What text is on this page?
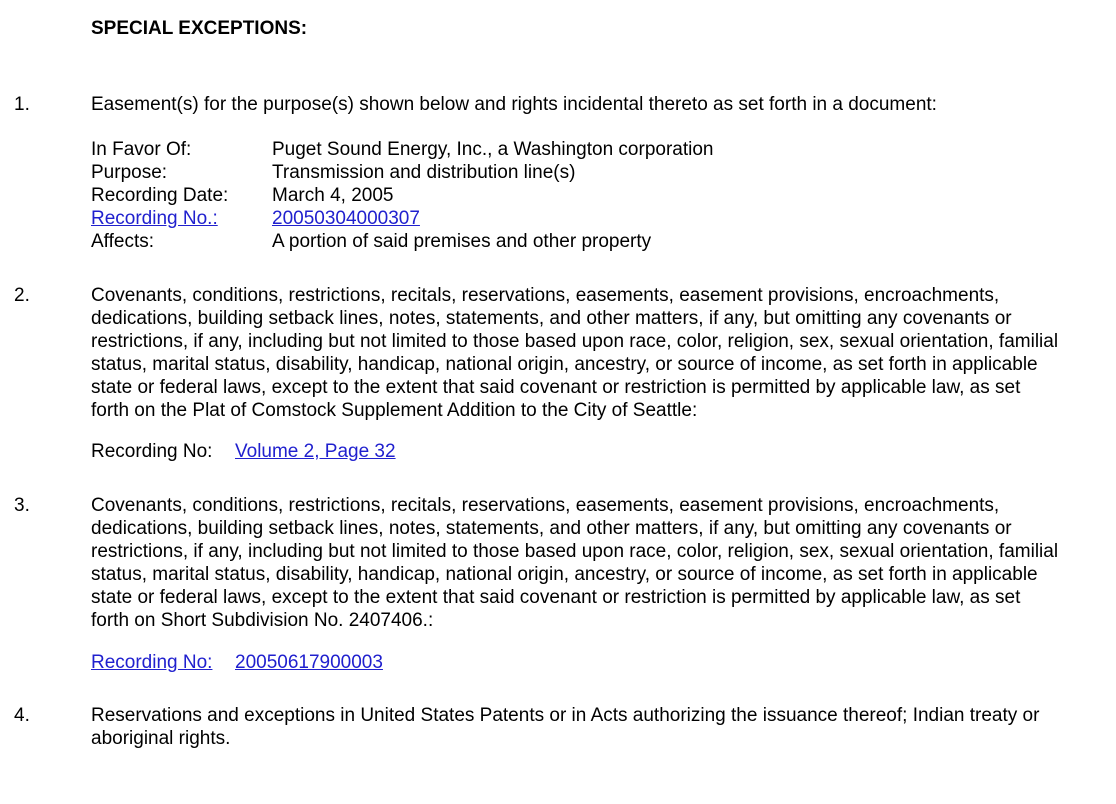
SPECIAL EXCEPTIONS:
1.	Easement(s) for the purpose(s) shown below and rights incidental thereto as set forth in a document:

In Favor Of:	Puget Sound Energy, Inc., a Washington corporation
Purpose:	Transmission and distribution line(s)
Recording Date:	March 4, 2005
Recording No.:	20050304000307
Affects:	A portion of said premises and other property
2.	Covenants, conditions, restrictions, recitals, reservations, easements, easement provisions, encroachments, dedications, building setback lines, notes, statements, and other matters, if any, but omitting any covenants or restrictions, if any, including but not limited to those based upon race, color, religion, sex, sexual orientation, familial status, marital status, disability, handicap, national origin, ancestry, or source of income, as set forth in applicable state or federal laws, except to the extent that said covenant or restriction is permitted by applicable law, as set forth on the Plat of Comstock Supplement Addition to the City of Seattle:

Recording No: Volume 2, Page 32
3.	Covenants, conditions, restrictions, recitals, reservations, easements, easement provisions, encroachments, dedications, building setback lines, notes, statements, and other matters, if any, but omitting any covenants or restrictions, if any, including but not limited to those based upon race, color, religion, sex, sexual orientation, familial status, marital status, disability, handicap, national origin, ancestry, or source of income, as set forth in applicable state or federal laws, except to the extent that said covenant or restriction is permitted by applicable law, as set forth on Short Subdivision No. 2407406.:

Recording No: 20050617900003
4.	Reservations and exceptions in United States Patents or in Acts authorizing the issuance thereof; Indian treaty or aboriginal rights.
